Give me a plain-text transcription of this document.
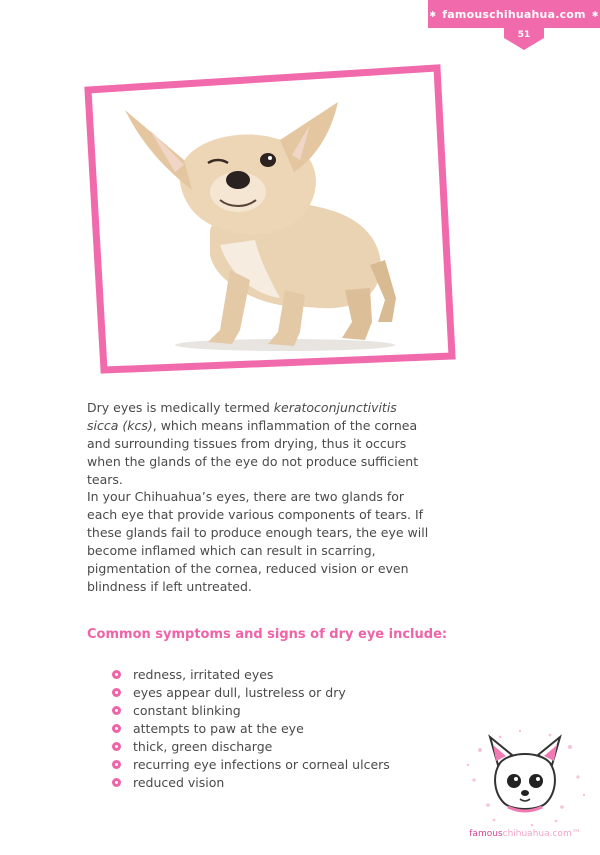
✱ famouschihuahua.com ✱
51

Dry eyes is medically termed keratoconjunctivitis sicca (kcs), which means inflammation of the cornea and surrounding tissues from drying, thus it occurs when the glands of the eye do not produce sufficient tears.

In your Chihuahua’s eyes, there are two glands for each eye that provide various components of tears. If these glands fail to produce enough tears, the eye will become inflamed which can result in scarring, pigmentation of the cornea, reduced vision or even blindness if left untreated.

Common symptoms and signs of dry eye include:
redness, irritated eyes
eyes appear dull, lustreless or dry
constant blinking
attempts to paw at the eye
thick, green discharge
recurring eye infections or corneal ulcers
reduced vision
famouschihuahua.com™
